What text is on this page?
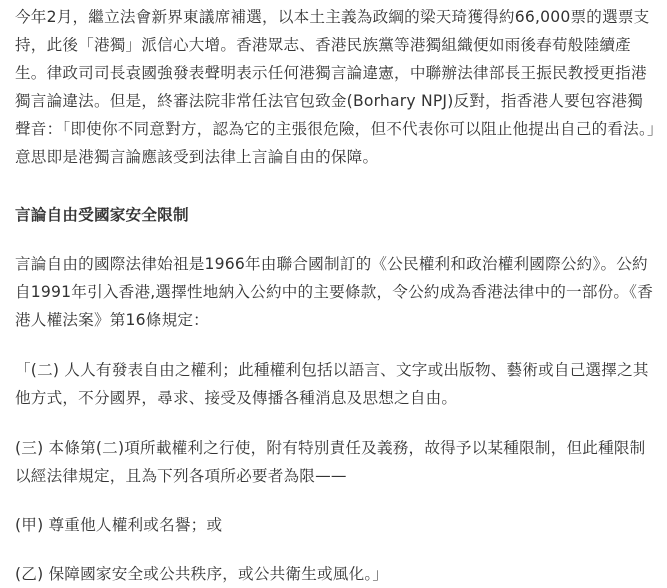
今年2月，繼立法會新界東議席補選，以本土主義為政綱的梁天琦獲得約66,000票的選票支持，此後「港獨」派信心大增。香港眾志、香港民族黨等港獨組織便如雨後春荀般陸續產生。律政司司長袁國強發表聲明表示任何港獨言論違憲，中聯辦法律部長王振民教授更指港獨言論違法。但是，終審法院非常任法官包致金(Borhary NPJ)反對，指香港人要包容港獨聲音：「即使你不同意對方，認為它的主張很危險，但不代表你可以阻止他提出自己的看法。」意思即是港獨言論應該受到法律上言論自由的保障。

言論自由受國家安全限制

言論自由的國際法律始祖是1966年由聯合國制訂的《公民權利和政治權利國際公約》。公約自1991年引入香港,選擇性地納入公約中的主要條款，令公約成為香港法律中的一部份。《香港人權法案》第16條規定：

「(二) 人人有發表自由之權利；此種權利包括以語言、文字或出版物、藝術或自己選擇之其他方式，不分國界，尋求、接受及傳播各種消息及思想之自由。

(三) 本條第(二)項所載權利之行使，附有特別責任及義務，故得予以某種限制，但此種限制以經法律規定，且為下列各項所必要者為限——

(甲) 尊重他人權利或名譽；或

(乙) 保障國家安全或公共秩序，或公共衛生或風化。」
